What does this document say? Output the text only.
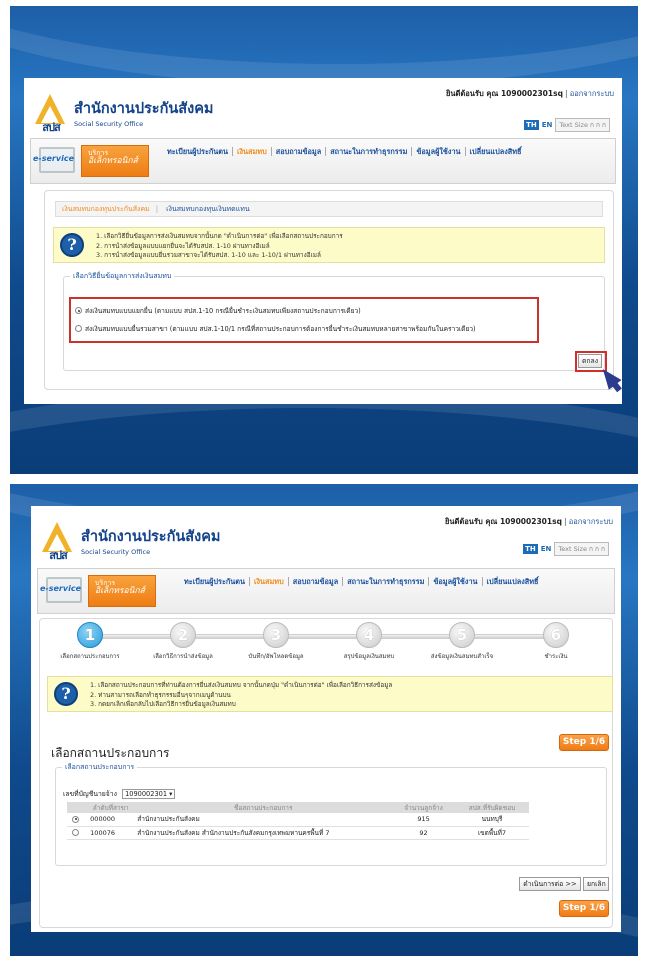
ยินดีต้อนรับ คุณ 1090002301sq | ออกจากระบบ
TH EN	Text Size ก ก ก
สปส
สำนักงานประกันสังคม
Social Security Office
e-service
บริการ
อิเล็กทรอนิกส์
ทะเบียนผู้ประกันตน	เงินสมทบ	สอบถามข้อมูล	สถานะในการทำธุรกรรม	ข้อมูลผู้ใช้งาน	เปลี่ยนแปลงสิทธิ์
เงินสมทบกองทุนประกันสังคม | เงินสมทบกองทุนเงินทดแทน
?	1. เลือกวิธียื่นข้อมูลการส่งเงินสมทบจากนั้นกด "ดำเนินการต่อ" เพื่อเลือกสถานประกอบการ
2. การนำส่งข้อมูลแบบแยกยื่นจะได้รับสปส. 1-10 ผ่านทางอีเมล์
3. การนำส่งข้อมูลแบบยื่นรวมสาขาจะได้รับสปส. 1-10 และ 1-10/1 ผ่านทางอีเมล์
เลือกวิธียื่นข้อมูลการส่งเงินสมทบ
ส่งเงินสมทบแบบแยกยื่น (ตามแบบ สปส.1-10 กรณียื่นชำระเงินสมทบเพียงสถานประกอบการเดียว)
ส่งเงินสมทบแบบยื่นรวมสาขา (ตามแบบ สปส.1-10/1 กรณีที่สถานประกอบการต้องการยื่นชำระเงินสมทบหลายสาขาพร้อมกันในคราวเดียว)
ตกลง
ยินดีต้อนรับ คุณ 1090002301sq | ออกจากระบบ
TH EN	Text Size ก ก ก
สปส
สำนักงานประกันสังคม
Social Security Office
e-service
บริการ
อิเล็กทรอนิกส์
ทะเบียนผู้ประกันตน	เงินสมทบ	สอบถามข้อมูล	สถานะในการทำธุรกรรม	ข้อมูลผู้ใช้งาน	เปลี่ยนแปลงสิทธิ์
1
เลือกสถานประกอบการ
2
เลือกวิธีการนำส่งข้อมูล
3
บันทึก/อัพโหลดข้อมูล
4
สรุปข้อมูลเงินสมทบ
5
ส่งข้อมูลเงินสมทบสำเร็จ
6
ชำระเงิน
?	1. เลือกสถานประกอบการที่ท่านต้องการยื่นส่งเงินสมทบ จากนั้นกดปุ่ม "ดำเนินการต่อ" เพื่อเลือกวิธีการส่งข้อมูล
2. ท่านสามารถเลือกทำธุรกรรมอื่นๆจากเมนูด้านบน
3. กดยกเลิกเพื่อกลับไปเลือกวิธีการยื่นข้อมูลเงินสมทบ
เลือกสถานประกอบการ
Step 1/6
เลือกสถานประกอบการ
เลขที่บัญชีนายจ้าง 1090002301 ▾
	ลำดับที่สาขา	ชื่อสถานประกอบการ	จำนวนลูกจ้าง	สปส.ที่รับผิดชอบ
	000000	สำนักงานประกันสังคม	915	นนทบุรี
	100076	สำนักงานประกันสังคม สำนักงานประกันสังคมกรุงเทพมหานครพื้นที่ 7	92	เขตพื้นที่7
ดำเนินการต่อ >>	ยกเลิก
Step 1/6
